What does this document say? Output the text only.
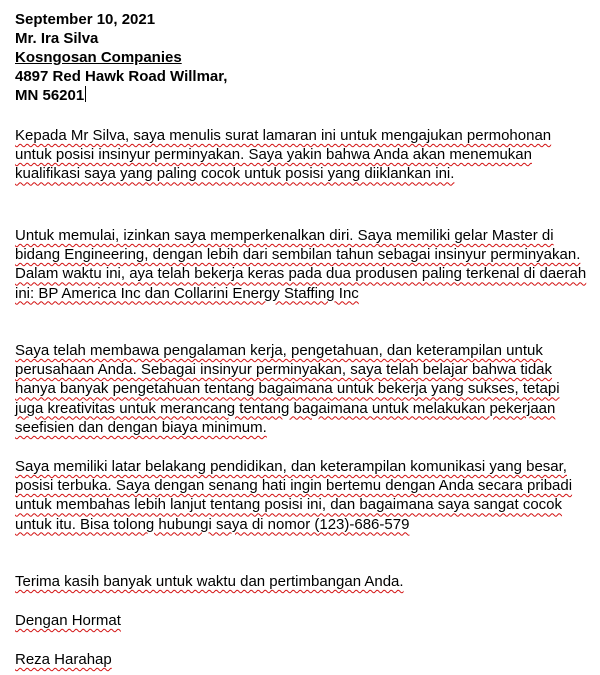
September 10, 2021
Mr. Ira Silva
Kosngosan Companies
4897 Red Hawk Road Willmar,
MN 56201

Kepada Mr Silva, saya menulis surat lamaran ini untuk mengajukan permohonan untuk posisi insinyur perminyakan. Saya yakin bahwa Anda akan menemukan kualifikasi saya yang paling cocok untuk posisi yang diiklankan ini.

Untuk memulai, izinkan saya memperkenalkan diri. Saya memiliki gelar Master di bidang Engineering, dengan lebih dari sembilan tahun sebagai insinyur perminyakan. Dalam waktu ini, aya telah bekerja keras pada dua produsen paling terkenal di daerah ini: BP America Inc dan Collarini Energy Staffing Inc

Saya telah membawa pengalaman kerja, pengetahuan, dan keterampilan untuk perusahaan Anda. Sebagai insinyur perminyakan, saya telah belajar bahwa tidak hanya banyak pengetahuan tentang bagaimana untuk bekerja yang sukses, tetapi juga kreativitas untuk merancang tentang bagaimana untuk melakukan pekerjaan seefisien dan dengan biaya minimum.

Saya memiliki latar belakang pendidikan, dan keterampilan komunikasi yang besar, posisi terbuka. Saya dengan senang hati ingin bertemu dengan Anda secara pribadi untuk membahas lebih lanjut tentang posisi ini, dan bagaimana saya sangat cocok untuk itu. Bisa tolong hubungi saya di nomor (123)-686-579

Terima kasih banyak untuk waktu dan pertimbangan Anda.

Dengan Hormat

Reza Harahap
